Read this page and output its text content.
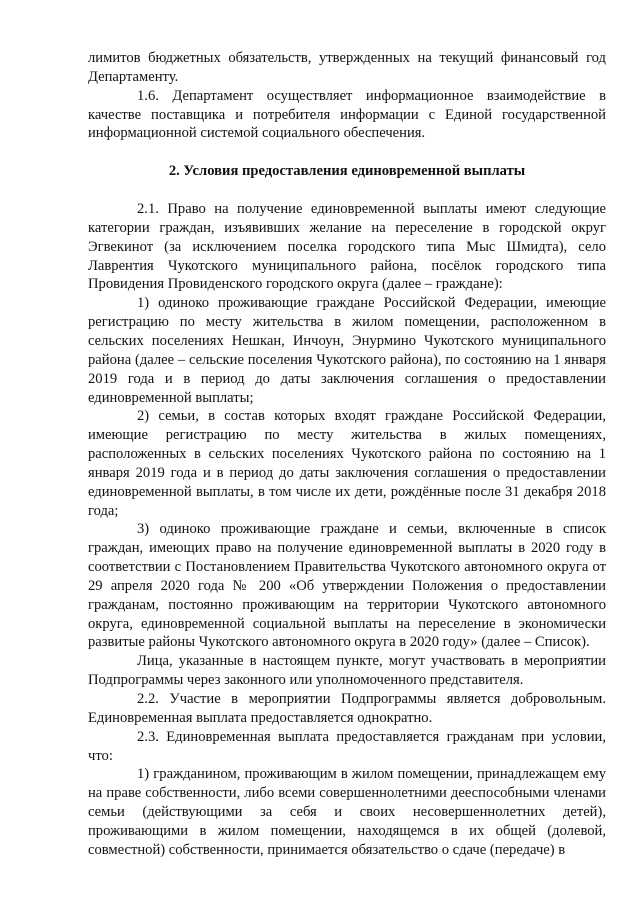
лимитов бюджетных обязательств, утвержденных на текущий финансовый год Департаменту.

1.6. Департамент осуществляет информационное взаимодействие в качестве поставщика и потребителя информации с Единой государственной информационной системой социального обеспечения.

2. Условия предоставления единовременной выплаты

2.1. Право на получение единовременной выплаты имеют следующие категории граждан, изъявивших желание на переселение в городской округ Эгвекинот (за исключением поселка городского типа Мыс Шмидта), село Лаврентия Чукотского муниципального района, посёлок городского типа Провидения Провиденского городского округа (далее – граждане):

1) одиноко проживающие граждане Российской Федерации, имеющие регистрацию по месту жительства в жилом помещении, расположенном в сельских поселениях Нешкан, Инчоун, Энурмино Чукотского муниципального района (далее – сельские поселения Чукотского района), по состоянию на 1 января 2019 года и в период до даты заключения соглашения о предоставлении единовременной выплаты;

2) семьи, в состав которых входят граждане Российской Федерации, имеющие регистрацию по месту жительства в жилых помещениях, расположенных в сельских поселениях Чукотского района по состоянию на 1 января 2019 года и в период до даты заключения соглашения о предоставлении единовременной выплаты, в том числе их дети, рождённые после 31 декабря 2018 года;

3) одиноко проживающие граждане и семьи, включенные в список граждан, имеющих право на получение единовременной выплаты в 2020 году в соответствии с Постановлением Правительства Чукотского автономного округа от 29 апреля 2020 года № 200 «Об утверждении Положения о предоставлении гражданам, постоянно проживающим на территории Чукотского автономного округа, единовременной социальной выплаты на переселение в экономически развитые районы Чукотского автономного округа в 2020 году» (далее – Список).

Лица, указанные в настоящем пункте, могут участвовать в мероприятии Подпрограммы через законного или уполномоченного представителя.

2.2. Участие в мероприятии Подпрограммы является добровольным. Единовременная выплата предоставляется однократно.

2.3. Единовременная выплата предоставляется гражданам при условии, что:

1) гражданином, проживающим в жилом помещении, принадлежащем ему на праве собственности, либо всеми совершеннолетними дееспособными членами семьи (действующими за себя и своих несовершеннолетних детей), проживающими в жилом помещении, находящемся в их общей (долевой, совместной) собственности, принимается обязательство о сдаче (передаче) в
